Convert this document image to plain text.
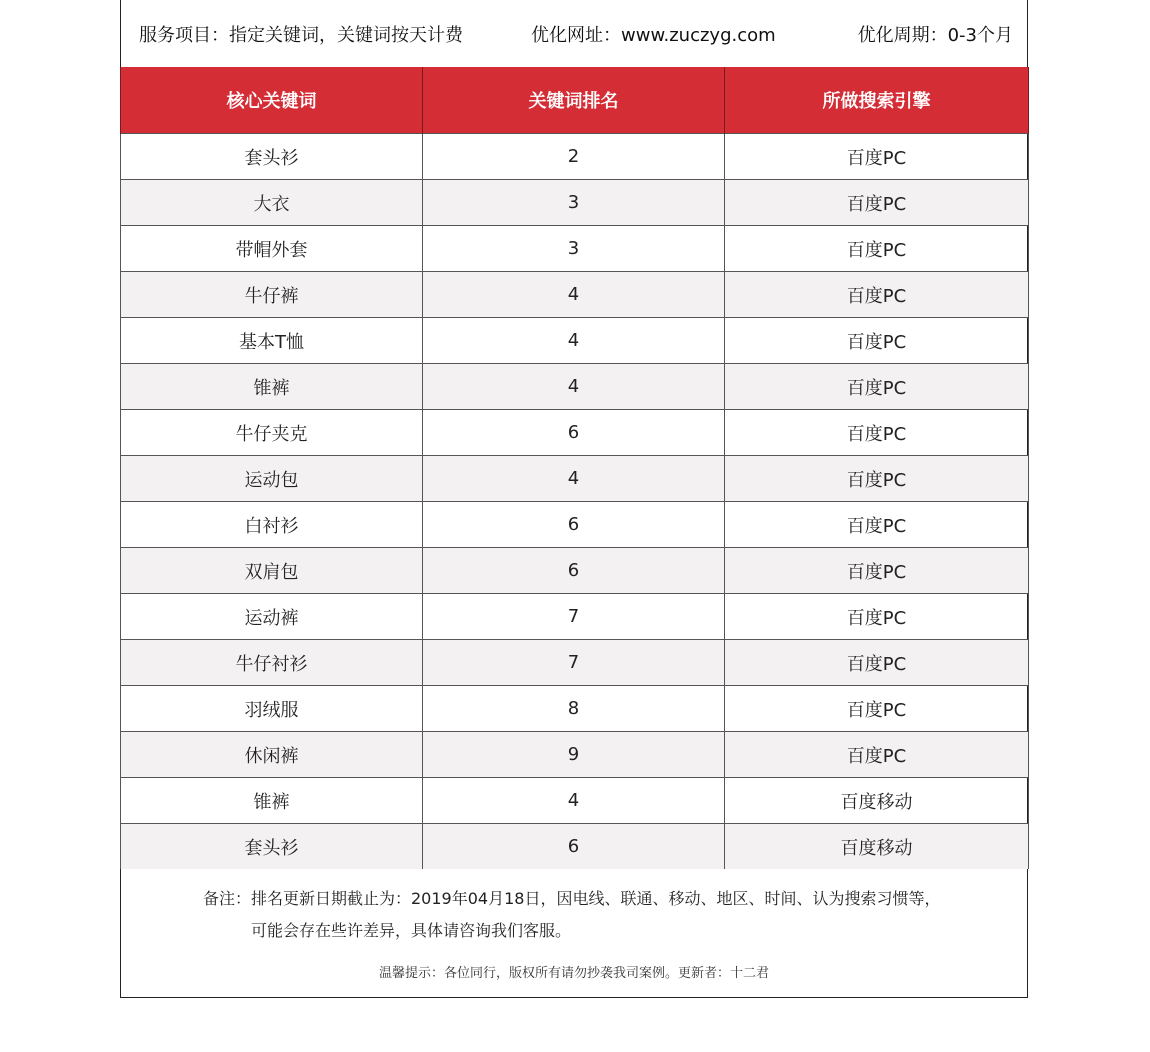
服务项目：指定关键词，关键词按天计费	优化网址：www.zuczyg.com	优化周期：0-3个月
核心关键词	关键词排名	所做搜索引擎
套头衫	2	百度PC
大衣	3	百度PC
带帽外套	3	百度PC
牛仔裤	4	百度PC
基本T恤	4	百度PC
锥裤	4	百度PC
牛仔夹克	6	百度PC
运动包	4	百度PC
白衬衫	6	百度PC
双肩包	6	百度PC
运动裤	7	百度PC
牛仔衬衫	7	百度PC
羽绒服	8	百度PC
休闲裤	9	百度PC
锥裤	4	百度移动
套头衫	6	百度移动
备注：排名更新日期截止为：2019年04月18日，因电线、联通、移动、地区、时间、认为搜索习惯等，
可能会存在些许差异，具体请咨询我们客服。
温馨提示：各位同行，版权所有请勿抄袭我司案例。更新者：十二君
